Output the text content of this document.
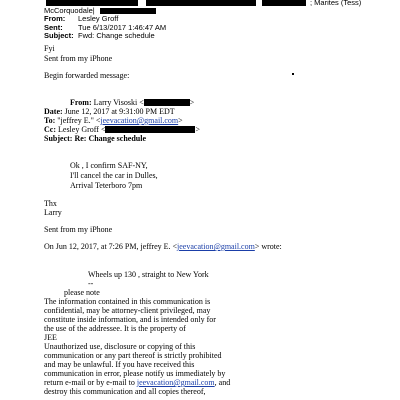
; Marites (Tess)
McCorquodale|
From: Lesley Groff
Sent: Tue 6/13/2017 1:46:47 AM
Subject: Fwd: Change schedule
Fyi
Sent from my iPhone
Begin forwarded message:
From: Larry Visoski <	>
Date: June 12, 2017 at 9:31:00 PM EDT
To: "jeffrey E." <jeevacation@gmail.com>
Cc: Lesley Groff <	>
Subject: Re: Change schedule
Ok , I confirm SAF-NY,
I'll cancel the car in Dulles,
Arrival Teterboro 7pm
Thx
Larry
Sent from my iPhone
On Jun 12, 2017, at 7:26 PM, jeffrey E. <jeevacation@gmail.com> wrote:
Wheels up 130 , straight to New York
--
please note
The information contained in this communication is
confidential, may be attorney-client privileged, may
constitute inside information, and is intended only for
the use of the addressee. It is the property of
JEE
Unauthorized use, disclosure or copying of this
communication or any part thereof is strictly prohibited
and may be unlawful. If you have received this
communication in error, please notify us immediately by
return e-mail or by e-mail to jeevacation@gmail.com, and
destroy this communication and all copies thereof,
